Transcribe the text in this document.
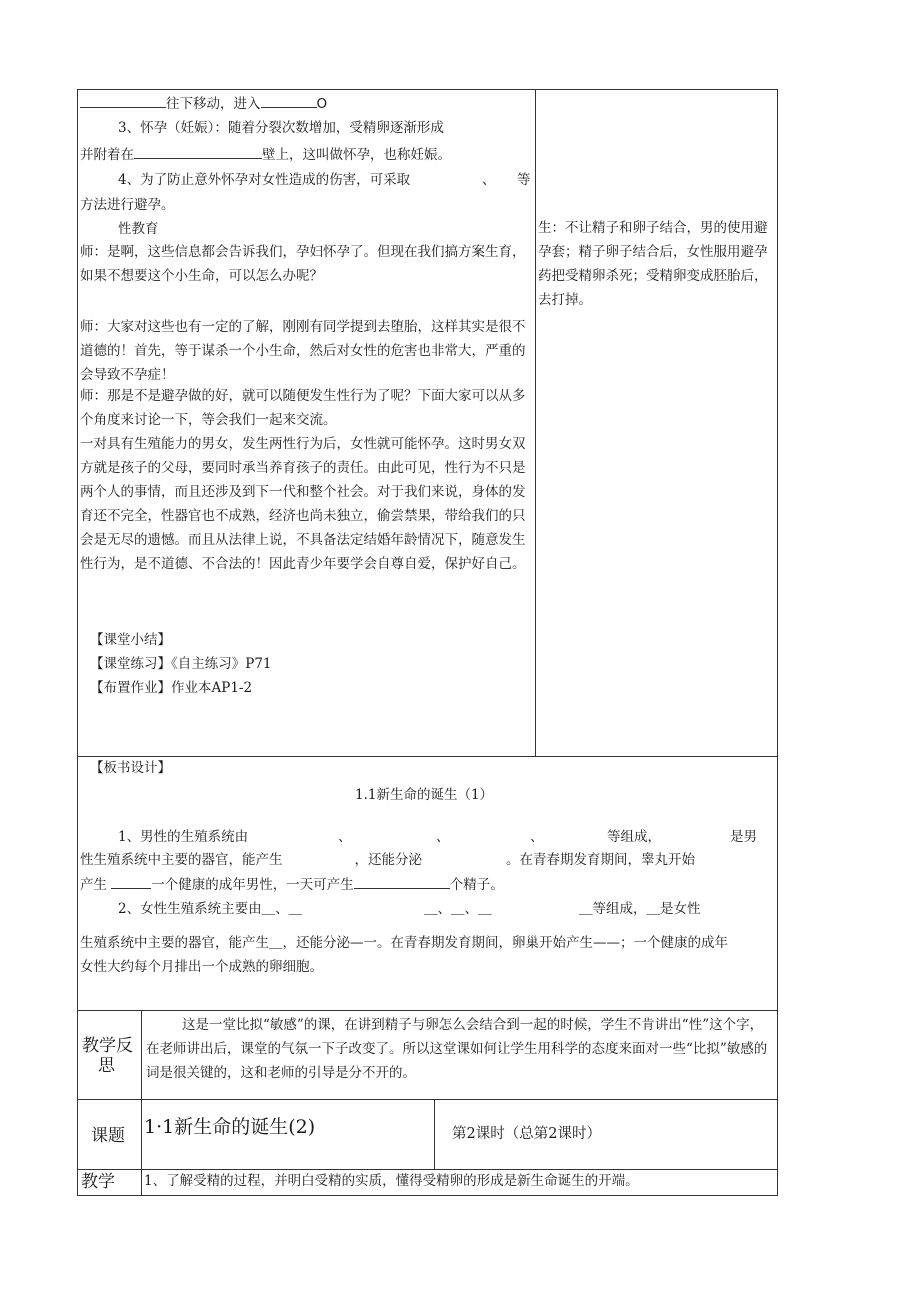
往下移动，进入	O
3、怀孕（妊娠）：随着分裂次数增加，受精卵逐渐形成
并附着在	壁上，这叫做怀孕，也称妊娠。
4、为了防止意外怀孕对女性造成的伤害，可采取	、 等
方法进行避孕。
性教育
师：是啊，这些信息都会告诉我们，孕妇怀孕了。但现在我们搞方案生育，如果不想要这个小生命，可以怎么办呢？
师：大家对这些也有一定的了解，刚刚有同学提到去堕胎，这样其实是很不道德的！首先，等于谋杀一个小生命，然后对女性的危害也非常大，严重的会导致不孕症！
师：那是不是避孕做的好，就可以随便发生性行为了呢？下面大家可以从多个角度来讨论一下，等会我们一起来交流。
一对具有生殖能力的男女，发生两性行为后，女性就可能怀孕。这时男女双方就是孩子的父母，要同时承当养育孩子的责任。由此可见，性行为不只是两个人的事情，而且还涉及到下一代和整个社会。对于我们来说，身体的发育还不完全，性器官也不成熟，经济也尚未独立，偷尝禁果，带给我们的只会是无尽的遗憾。而且从法律上说，不具备法定结婚年龄情况下，随意发生性行为，是不道德、不合法的！因此青少年要学会自尊自爱，保护好自己。
【课堂小结】
【课堂练习】《自主练习》P71
【布置作业】作业本AP1-2
生：不让精子和卵子结合，男的使用避孕套；精子卵子结合后，女性服用避孕药把受精卵杀死；受精卵变成胚胎后，去打掉。
【板书设计】
1.1新生命的诞生（1）
1、男性的生殖系统由	、	、	、	等组成，	是男
性生殖系统中主要的器官，能产生	，还能分泌	。在青春期发育期间，睾丸开始
产生	一个健康的成年男性，一天可产生	个精子。
2、女性生殖系统主要由＿、＿	＿、＿、＿	＿等组成，＿是女性
生殖系统中主要的器官，能产生＿，还能分泌—一。在青春期发育期间，卵巢开始产生——；一个健康的成年
女性大约每个月排出一个成熟的卵细胞。
教学反
思
这是一堂比拟“敏感”的课，在讲到精子与卵怎么会结合到一起的时候，学生不肯讲出“性”这个字，在老师讲出后，课堂的气氛一下子改变了。所以这堂课如何让学生用科学的态度来面对一些“比拟”敏感的词是很关键的，这和老师的引导是分不开的。
课题 1·1新生命的诞生(2)	第2课时（总第2课时）
教学 1、了解受精的过程，并明白受精的实质，懂得受精卵的形成是新生命诞生的开端。
